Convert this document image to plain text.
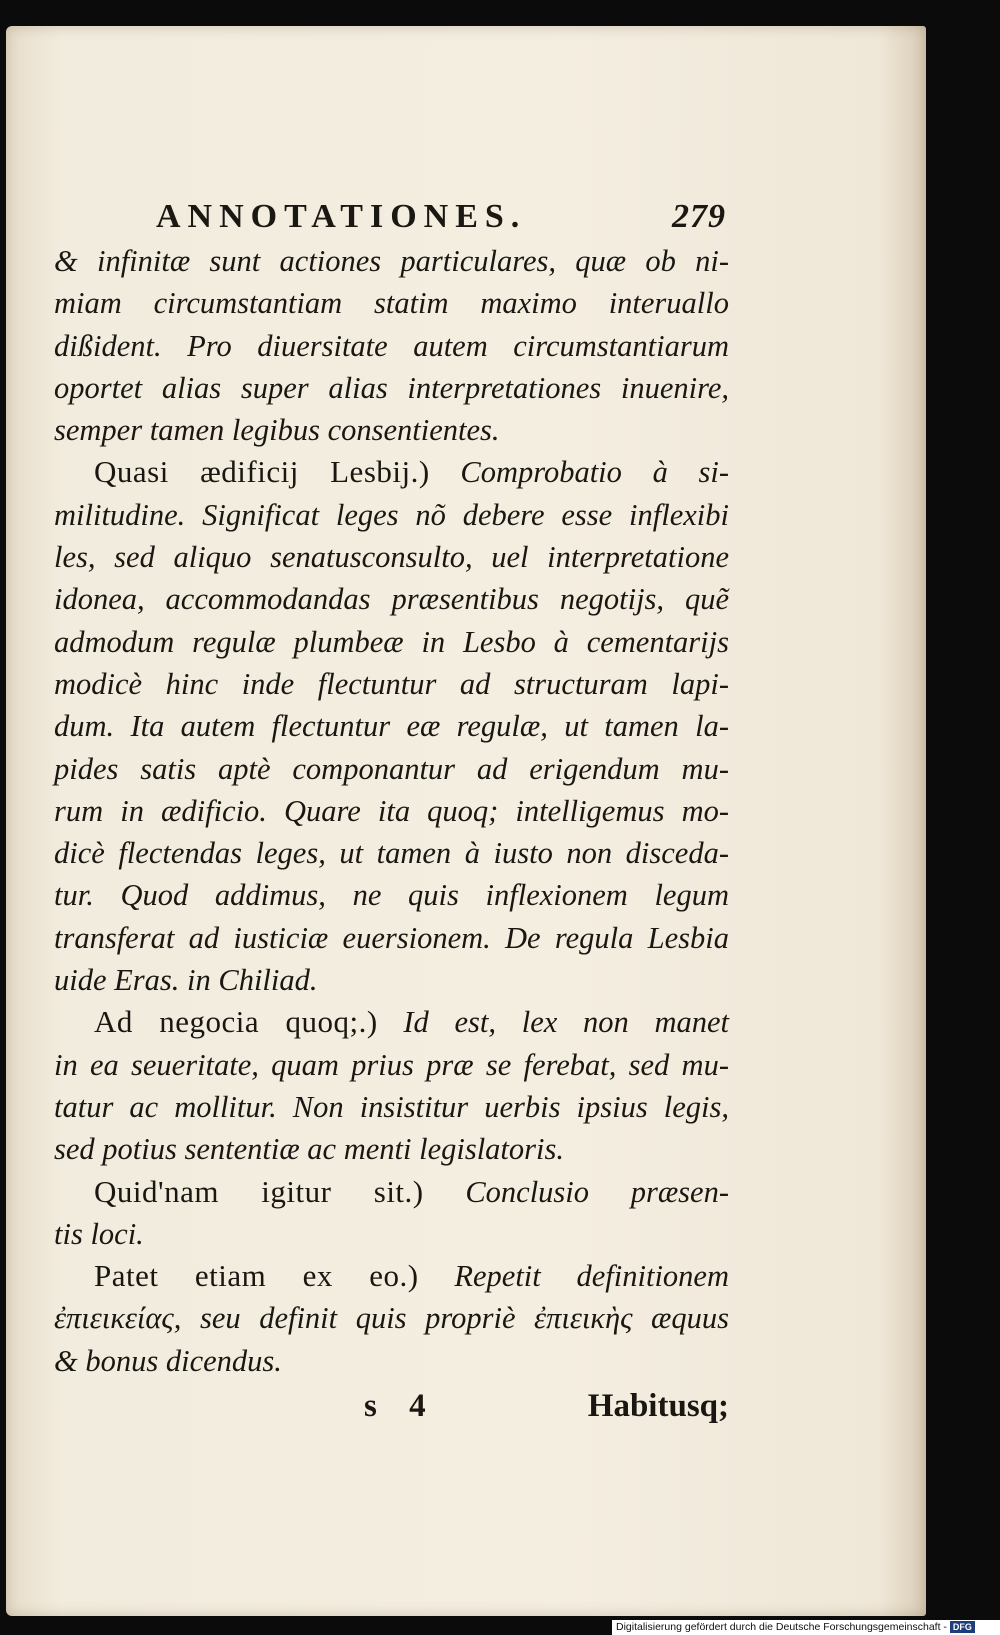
ANNOTATIONES.	279
& infinitæ sunt actiones particulares, quæ ob ni-
miam circumstantiam statim maximo interuallo
dißident. Pro diuersitate autem circumstantiarum
oportet alias super alias interpretationes inuenire,
semper tamen legibus consentientes.
Quasi ædificij Lesbij.) Comprobatio à si-
militudine. Significat leges nõ debere esse inflexibi
les, sed aliquo senatusconsulto, uel interpretatione
idonea, accommodandas præsentibus negotijs, quẽ
admodum regulæ plumbeæ in Lesbo à cementarijs
modicè hinc inde flectuntur ad structuram lapi-
dum. Ita autem flectuntur eæ regulæ, ut tamen la-
pides satis aptè componantur ad erigendum mu-
rum in ædificio. Quare ita quoq; intelligemus mo-
dicè flectendas leges, ut tamen à iusto non disceda-
tur. Quod addimus, ne quis inflexionem legum
transferat ad iusticiæ euersionem. De regula Lesbia
uide Eras. in Chiliad.
Ad negocia quoq;.) Id est, lex non manet
in ea seueritate, quam prius præ se ferebat, sed mu-
tatur ac mollitur. Non insistitur uerbis ipsius legis,
sed potius sententiæ ac menti legislatoris.
Quid'nam igitur sit.) Conclusio præsen-
tis loci.
Patet etiam ex eo.) Repetit definitionem
ἐπιεικείας, seu definit quis propriè ἐπιεικὴς æquus
& bonus dicendus.
s 4	Habitusq;
Digitalisierung gefördert durch die Deutsche Forschungsgemeinschaft - DFG
